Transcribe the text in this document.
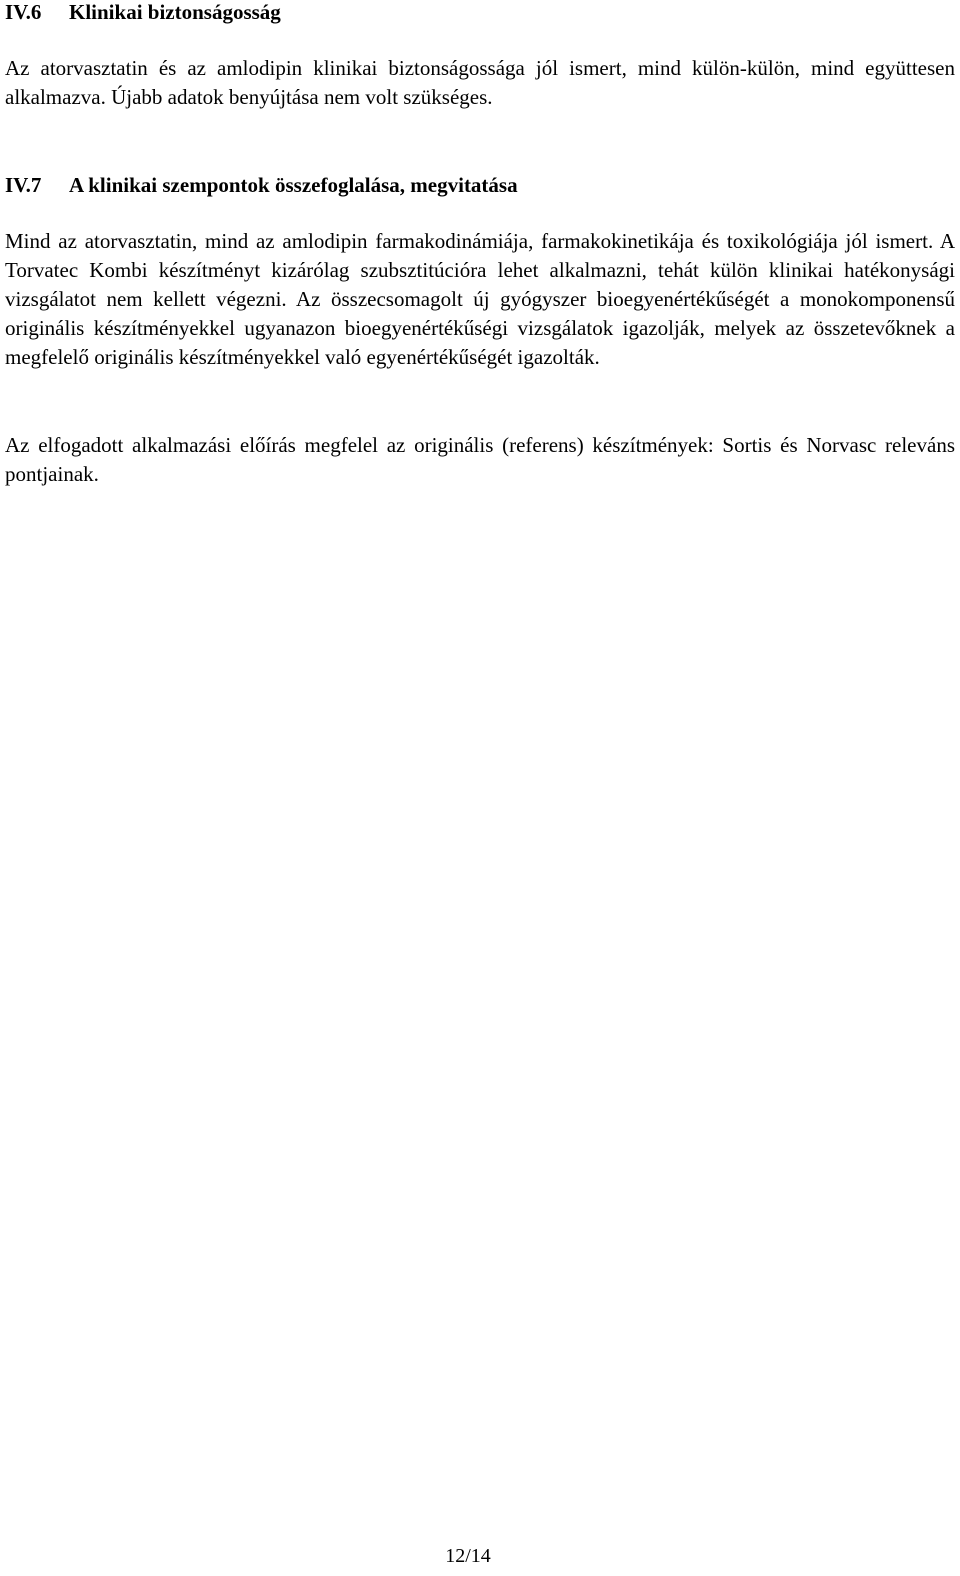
IV.6 Klinikai biztonságosság

Az atorvasztatin és az amlodipin klinikai biztonságossága jól ismert, mind külön-külön, mind együttesen alkalmazva. Újabb adatok benyújtása nem volt szükséges.

IV.7 A klinikai szempontok összefoglalása, megvitatása

Mind az atorvasztatin, mind az amlodipin farmakodinámiája, farmakokinetikája és toxikológiája jól ismert. A Torvatec Kombi készítményt kizárólag szubsztitúcióra lehet alkalmazni, tehát külön klinikai hatékonysági vizsgálatot nem kellett végezni. Az összecsomagolt új gyógyszer bioegyenértékűségét a monokomponensű originális készítményekkel ugyanazon bioegyenértékűségi vizsgálatok igazolják, melyek az összetevőknek a megfelelő originális készítményekkel való egyenértékűségét igazolták.

Az elfogadott alkalmazási előírás megfelel az originális (referens) készítmények: Sortis és Norvasc releváns pontjainak.

12/14
